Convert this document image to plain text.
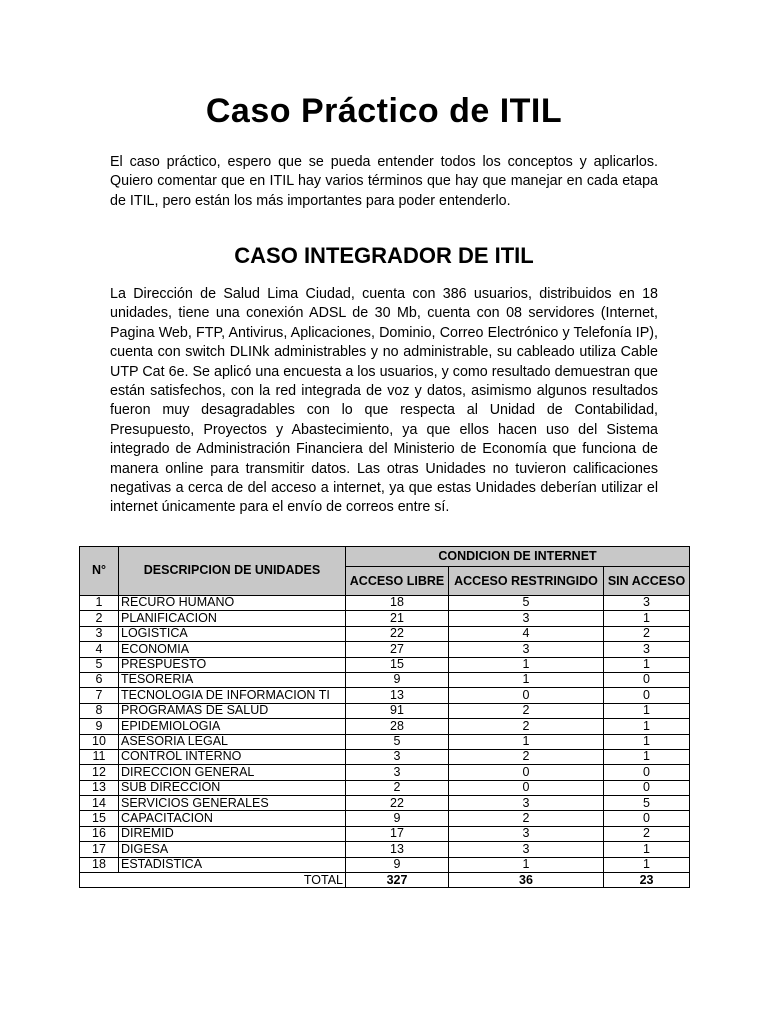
Caso Práctico de ITIL

El caso práctico, espero que se pueda entender todos los conceptos y aplicarlos. Quiero comentar que en ITIL hay varios términos que hay que manejar en cada etapa de ITIL, pero están los más importantes para poder entenderlo.

CASO INTEGRADOR DE ITIL

La Dirección de Salud Lima Ciudad, cuenta con 386 usuarios, distribuidos en 18 unidades, tiene una conexión ADSL de 30 Mb, cuenta con 08 servidores (Internet, Pagina Web, FTP, Antivirus, Aplicaciones, Dominio, Correo Electrónico y Telefonía IP), cuenta con switch DLINk administrables y no administrable, su cableado utiliza Cable UTP Cat 6e. Se aplicó una encuesta a los usuarios, y como resultado demuestran que están satisfechos, con la red integrada de voz y datos, asimismo algunos resultados fueron muy desagradables con lo que respecta al Unidad de Contabilidad, Presupuesto, Proyectos y Abastecimiento, ya que ellos hacen uso del Sistema integrado de Administración Financiera del Ministerio de Economía que funciona de manera online para transmitir datos. Las otras Unidades no tuvieron calificaciones negativas a cerca de del acceso a internet, ya que estas Unidades deberían utilizar el internet únicamente para el envío de correos entre sí.

N°	DESCRIPCION DE UNIDADES	CONDICION DE INTERNET		

		ACCESO LIBRE	ACCESO RESTRINGIDO	SIN ACCESO

1	RECURO HUMANO	18	5	3
2	PLANIFICACION	21	3	1
3	LOGISTICA	22	4	2
4	ECONOMIA	27	3	3
5	PRESPUESTO	15	1	1
6	TESORERIA	9	1	0
7	TECNOLOGIA DE INFORMACION TI	13	0	0
8	PROGRAMAS DE SALUD	91	2	1
9	EPIDEMIOLOGIA	28	2	1
10	ASESORIA LEGAL	5	1	1
11	CONTROL INTERNO	3	2	1
12	DIRECCION GENERAL	3	0	0
13	SUB DIRECCION	2	0	0
14	SERVICIOS GENERALES	22	3	5
15	CAPACITACION	9	2	0
16	DIREMID	17	3	2
17	DIGESA	13	3	1
18	ESTADISTICA	9	1	1
TOTAL		327	36	23
